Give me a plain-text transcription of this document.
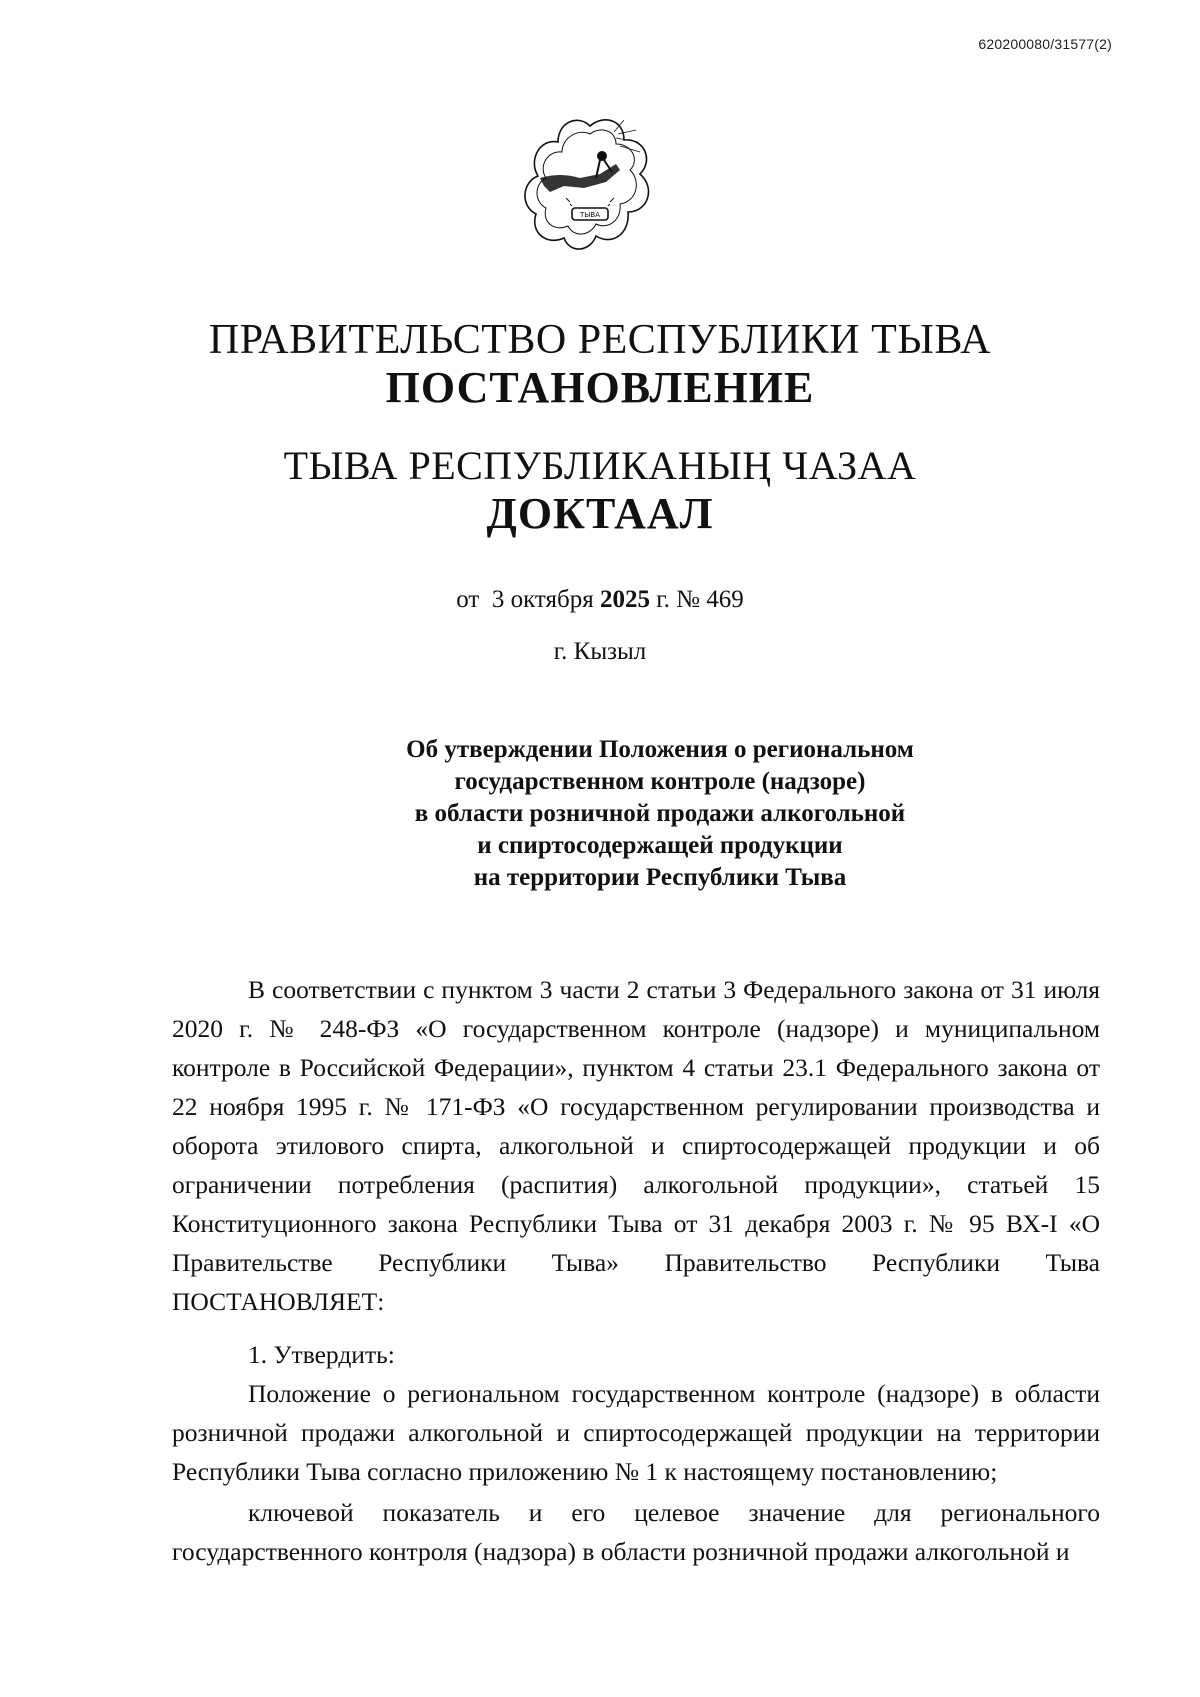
620200080/31577(2)
ТЫВА
ПРАВИТЕЛЬСТВО РЕСПУБЛИКИ ТЫВА
ПОСТАНОВЛЕНИЕ
ТЫВА РЕСПУБЛИКАНЫҢ ЧАЗАА
ДОКТААЛ
от  3 октября 2025 г. № 469
г. Кызыл
Об утверждении Положения о региональном
государственном контроле (надзоре)
в области розничной продажи алкогольной
и спиртосодержащей продукции
на территории Республики Тыва

В соответствии с пунктом 3 части 2 статьи 3 Федерального закона от 31 июля 2020 г. № 248-ФЗ «О государственном контроле (надзоре) и муниципальном контроле в Российской Федерации», пунктом 4 статьи 23.1 Федерального закона от 22 ноября 1995 г. № 171-ФЗ «О государственном регулировании производства и оборота этилового спирта, алкогольной и спиртосодержащей продукции и об ограничении потребления (распития) алкогольной продукции», статьей 15 Конституционного закона Республики Тыва от 31 декабря 2003 г. № 95 ВХ-I «О Правительстве Республики Тыва» Правительство Республики Тыва ПОСТАНОВЛЯЕТ:

1. Утвердить:

Положение о региональном государственном контроле (надзоре) в области розничной продажи алкогольной и спиртосодержащей продукции на территории Республики Тыва согласно приложению № 1 к настоящему постановлению;

ключевой показатель и его целевое значение для регионального государственного контроля (надзора) в области розничной продажи алкогольной и
